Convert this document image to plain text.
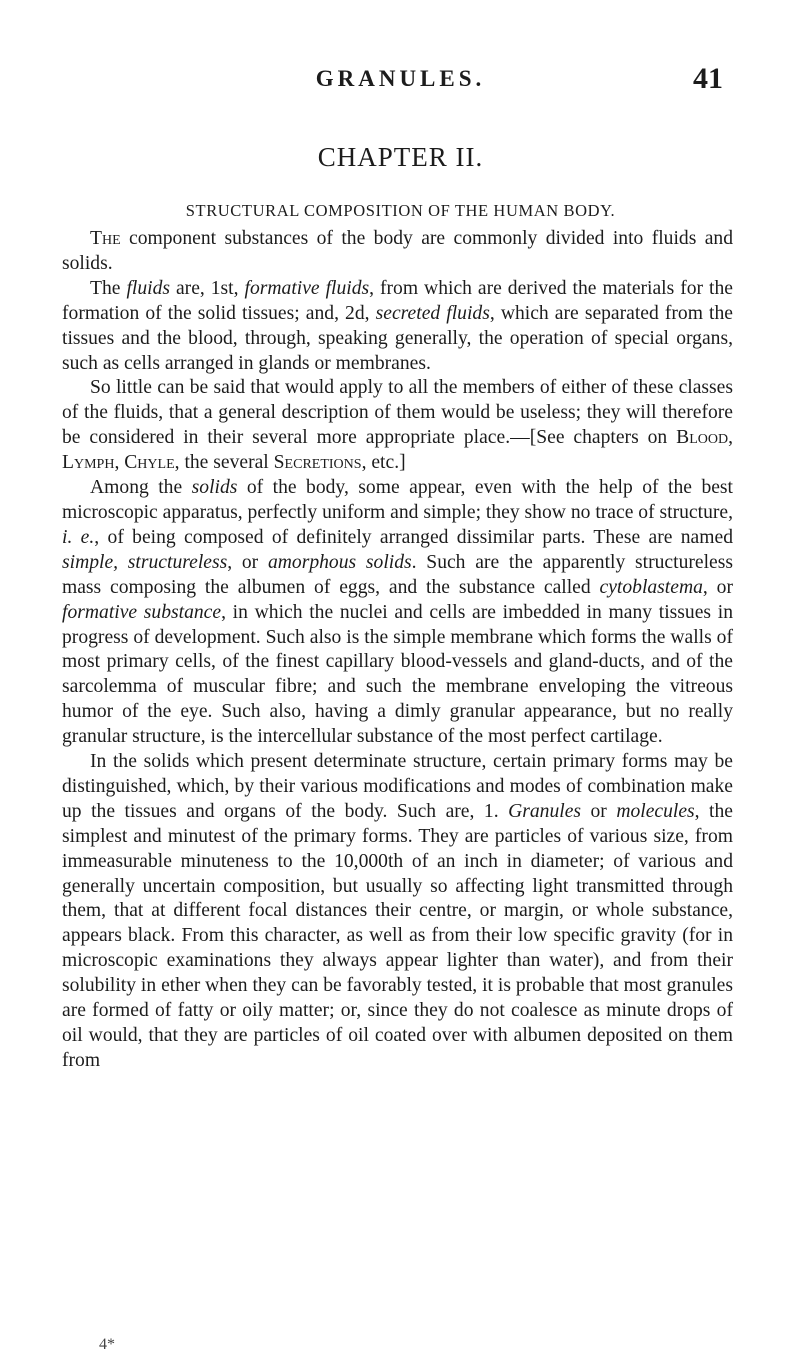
GRANULES.	41
CHAPTER II.
STRUCTURAL COMPOSITION OF THE HUMAN BODY.

The component substances of the body are commonly divided into fluids and solids.

The fluids are, 1st, formative fluids, from which are derived the materials for the formation of the solid tissues; and, 2d, secreted fluids, which are separated from the tissues and the blood, through, speaking generally, the operation of special organs, such as cells arranged in glands or membranes.

So little can be said that would apply to all the members of either of these classes of the fluids, that a general description of them would be useless; they will therefore be considered in their several more appropriate place.—[See chapters on Blood, Lymph, Chyle, the several Secretions, etc.]

Among the solids of the body, some appear, even with the help of the best microscopic apparatus, perfectly uniform and simple; they show no trace of structure, i. e., of being composed of definitely arranged dissimilar parts. These are named simple, structureless, or amorphous solids. Such are the apparently structureless mass composing the albumen of eggs, and the substance called cytoblastema, or formative substance, in which the nuclei and cells are imbedded in many tissues in progress of development. Such also is the simple membrane which forms the walls of most primary cells, of the finest capillary blood-vessels and gland-ducts, and of the sarcolemma of muscular fibre; and such the membrane enveloping the vitreous humor of the eye. Such also, having a dimly granular appearance, but no really granular structure, is the intercellular substance of the most perfect cartilage.

In the solids which present determinate structure, certain primary forms may be distinguished, which, by their various modifications and modes of combination make up the tissues and organs of the body. Such are, 1. Granules or molecules, the simplest and minutest of the primary forms. They are particles of various size, from immeasurable minuteness to the 10,000th of an inch in diameter; of various and generally uncertain composition, but usually so affecting light transmitted through them, that at different focal distances their centre, or margin, or whole substance, appears black. From this character, as well as from their low specific gravity (for in microscopic examinations they always appear lighter than water), and from their solubility in ether when they can be favorably tested, it is probable that most granules are formed of fatty or oily matter; or, since they do not coalesce as minute drops of oil would, that they are particles of oil coated over with albumen deposited on them from

4*
